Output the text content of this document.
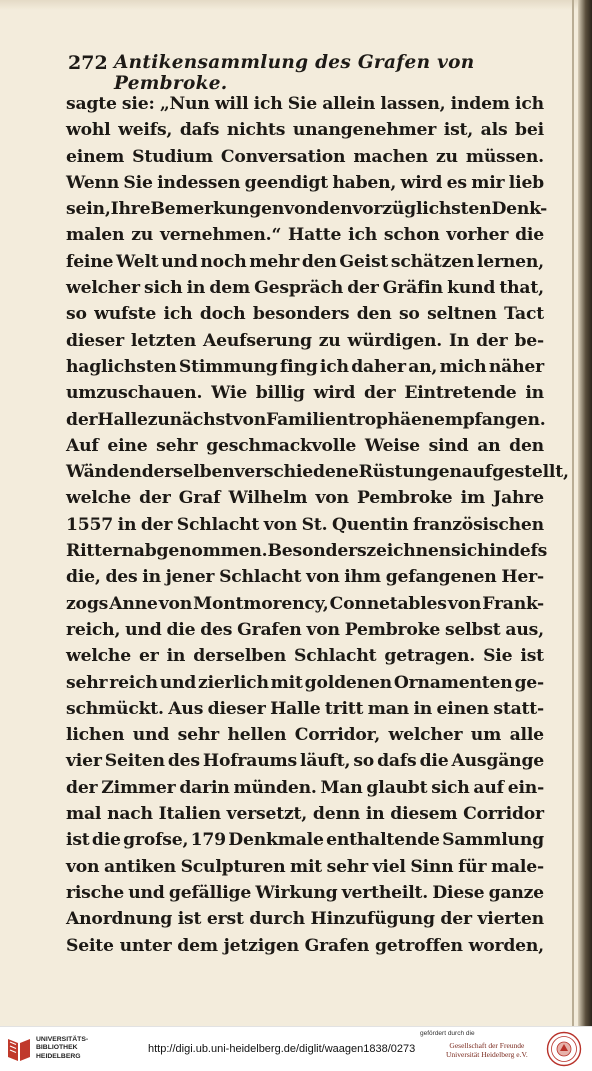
272 Antikensammlung des Grafen von Pembroke.
sagte sie: „Nun will ich Sie allein lassen, indem ich
wohl weifs, dafs nichts unangenehmer ist, als bei
einem Studium Conversation machen zu müssen.
Wenn Sie indessen geendigt haben, wird es mir lieb
sein, Ihre Bemerkungen von den vorzüglichsten Denk-
malen zu vernehmen.“ Hatte ich schon vorher die
feine Welt und noch mehr den Geist schätzen lernen,
welcher sich in dem Gespräch der Gräfin kund that,
so wufste ich doch besonders den so seltnen Tact
dieser letzten Aeufserung zu würdigen. In der be-
haglichsten Stimmung fing ich daher an, mich näher
umzuschauen. Wie billig wird der Eintretende in
der Halle zunächst von Familientrophäen empfangen.
Auf eine sehr geschmackvolle Weise sind an den
Wänden derselben verschiedene Rüstungen aufgestellt,
welche der Graf Wilhelm von Pembroke im Jahre
1557 in der Schlacht von St. Quentin französischen
Rittern abgenommen. Besonders zeichnen sich indefs
die, des in jener Schlacht von ihm gefangenen Her-
zogs Anne von Montmorency, Connetables von Frank-
reich, und die des Grafen von Pembroke selbst aus,
welche er in derselben Schlacht getragen. Sie ist
sehr reich und zierlich mit goldenen Ornamenten ge-
schmückt. Aus dieser Halle tritt man in einen statt-
lichen und sehr hellen Corridor, welcher um alle
vier Seiten des Hofraums läuft, so dafs die Ausgänge
der Zimmer darin münden. Man glaubt sich auf ein-
mal nach Italien versetzt, denn in diesem Corridor
ist die grofse, 179 Denkmale enthaltende Sammlung
von antiken Sculpturen mit sehr viel Sinn für male-
rische und gefällige Wirkung vertheilt. Diese ganze
Anordnung ist erst durch Hinzufügung der vierten
Seite unter dem jetzigen Grafen getroffen worden,
UNIVERSITÄTS-
BIBLIOTHEK
HEIDELBERG
http://digi.ub.uni-heidelberg.de/diglit/waagen1838/0273
gefördert durch die
Gesellschaft der Freunde
Universität Heidelberg e.V.
